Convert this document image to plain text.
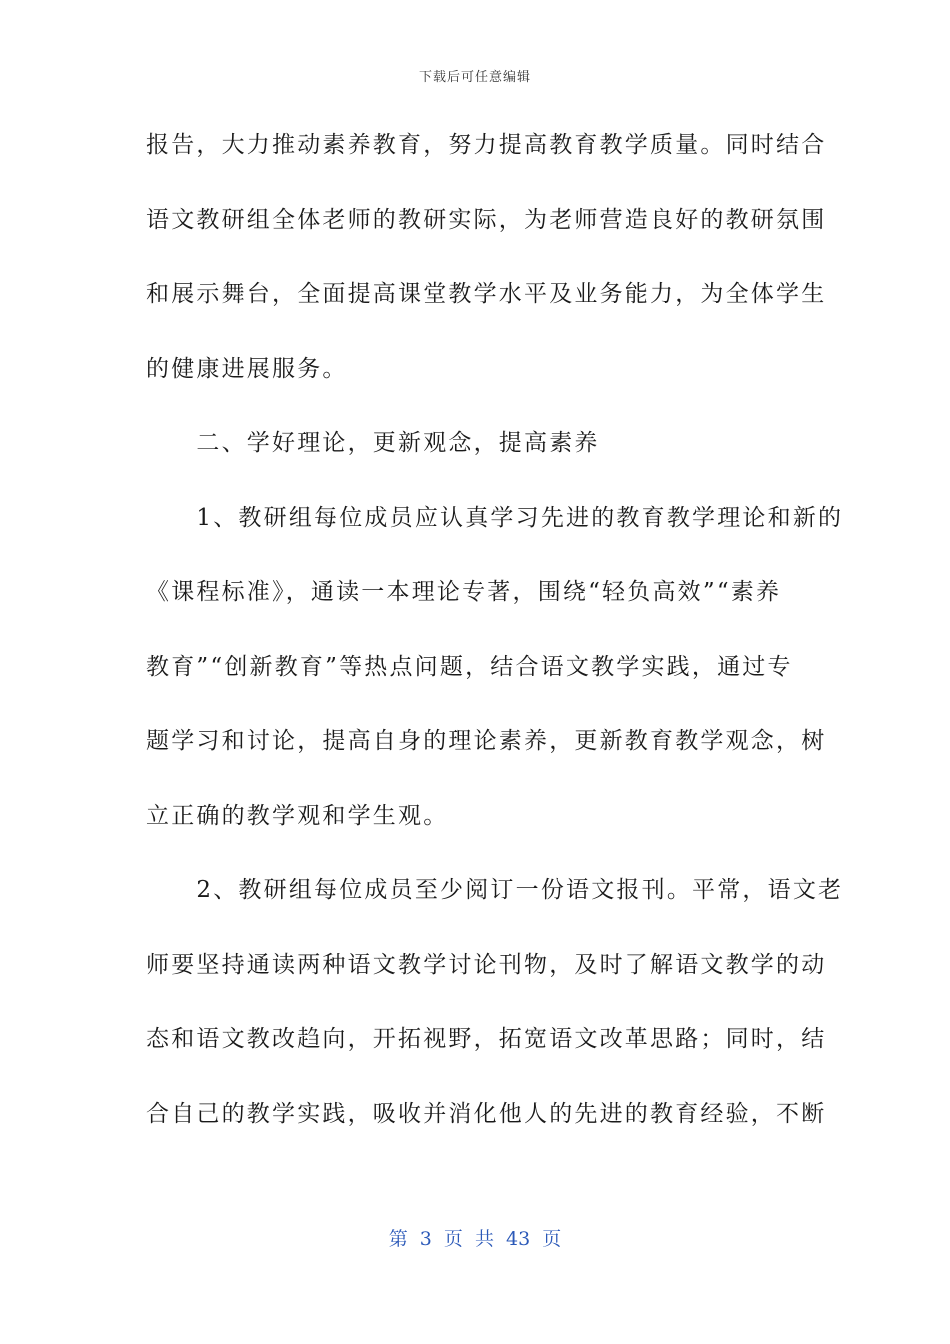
下载后可任意编辑
报告，大力推动素养教育，努力提高教育教学质量。同时结合
语文教研组全体老师的教研实际，为老师营造良好的教研氛围
和展示舞台，全面提高课堂教学水平及业务能力，为全体学生
的健康进展服务。
　　二、学好理论，更新观念，提高素养
　　1、教研组每位成员应认真学习先进的教育教学理论和新的
《课程标准》，通读一本理论专著，围绕“轻负高效”“素养
教育”“创新教育”等热点问题，结合语文教学实践，通过专
题学习和讨论，提高自身的理论素养，更新教育教学观念，树
立正确的教学观和学生观。
　　2、教研组每位成员至少阅订一份语文报刊。平常，语文老
师要坚持通读两种语文教学讨论刊物，及时了解语文教学的动
态和语文教改趋向，开拓视野，拓宽语文改革思路；同时，结
合自己的教学实践，吸收并消化他人的先进的教育经验，不断
第 3 页 共 43 页
